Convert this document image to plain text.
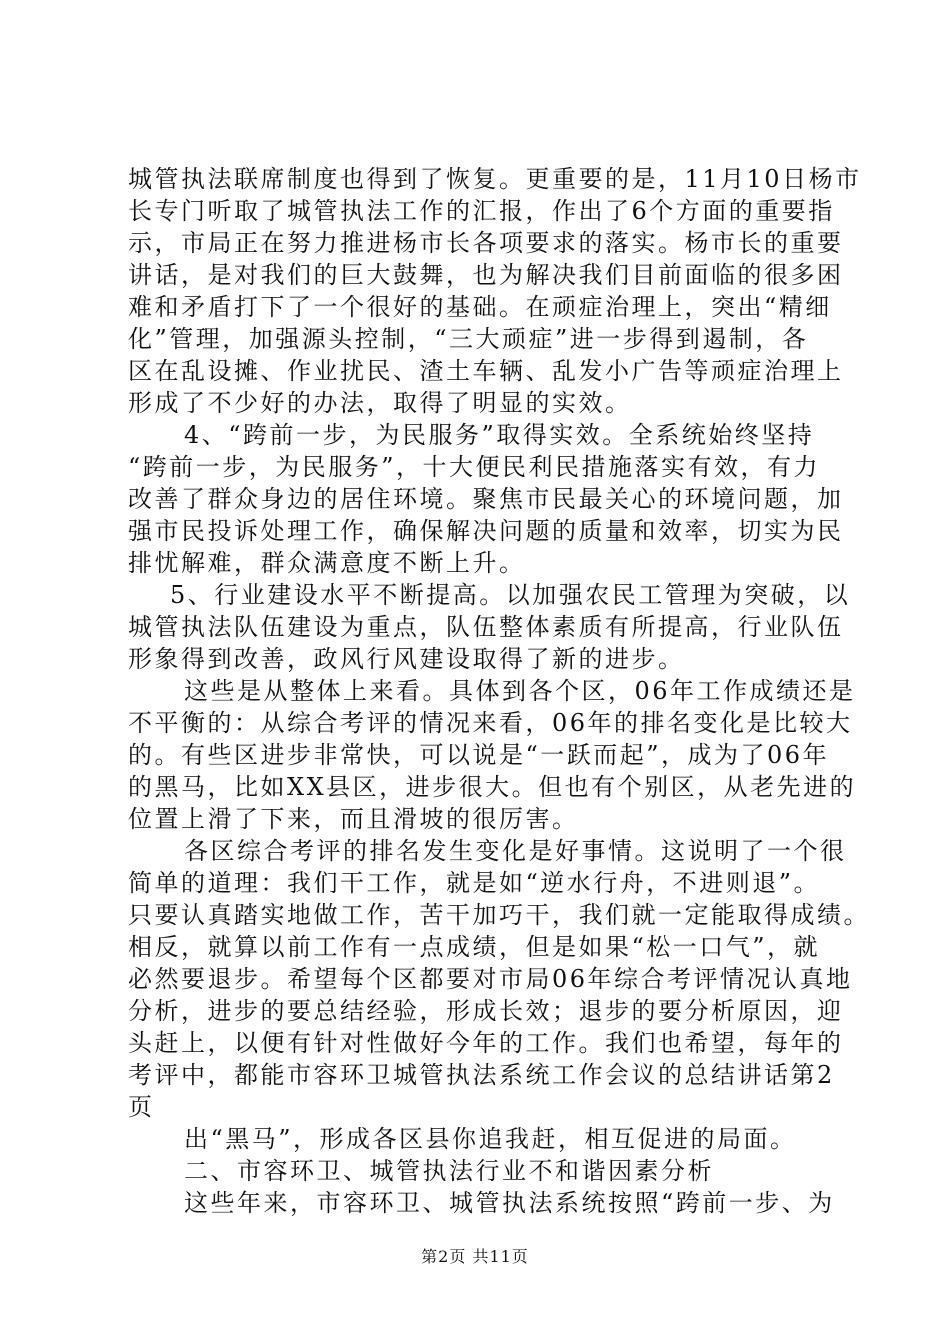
城管执法联席制度也得到了恢复。更重要的是，11月10日杨市
长专门听取了城管执法工作的汇报，作出了6个方面的重要指
示，市局正在努力推进杨市长各项要求的落实。杨市长的重要
讲话，是对我们的巨大鼓舞，也为解决我们目前面临的很多困
难和矛盾打下了一个很好的基础。在顽症治理上，突出“精细
化”管理，加强源头控制，“三大顽症”进一步得到遏制，各
区在乱设摊、作业扰民、渣土车辆、乱发小广告等顽症治理上
形成了不少好的办法，取得了明显的实效。
4、“跨前一步，为民服务”取得实效。全系统始终坚持
“跨前一步，为民服务”，十大便民利民措施落实有效，有力
改善了群众身边的居住环境。聚焦市民最关心的环境问题，加
强市民投诉处理工作，确保解决问题的质量和效率，切实为民
排忧解难，群众满意度不断上升。
5、行业建设水平不断提高。以加强农民工管理为突破，以
城管执法队伍建设为重点，队伍整体素质有所提高，行业队伍
形象得到改善，政风行风建设取得了新的进步。
这些是从整体上来看。具体到各个区，06年工作成绩还是
不平衡的：从综合考评的情况来看，06年的排名变化是比较大
的。有些区进步非常快，可以说是“一跃而起”，成为了06年
的黑马，比如XX县区，进步很大。但也有个别区，从老先进的
位置上滑了下来，而且滑坡的很厉害。
各区综合考评的排名发生变化是好事情。这说明了一个很
简单的道理：我们干工作，就是如“逆水行舟，不进则退”。
只要认真踏实地做工作，苦干加巧干，我们就一定能取得成绩。
相反，就算以前工作有一点成绩，但是如果“松一口气”，就
必然要退步。希望每个区都要对市局06年综合考评情况认真地
分析，进步的要总结经验，形成长效；退步的要分析原因，迎
头赶上，以便有针对性做好今年的工作。我们也希望，每年的
考评中，都能市容环卫城管执法系统工作会议的总结讲话第2
页
出“黑马”，形成各区县你追我赶，相互促进的局面。
二、市容环卫、城管执法行业不和谐因素分析
这些年来，市容环卫、城管执法系统按照“跨前一步、为
第2页 共11页
